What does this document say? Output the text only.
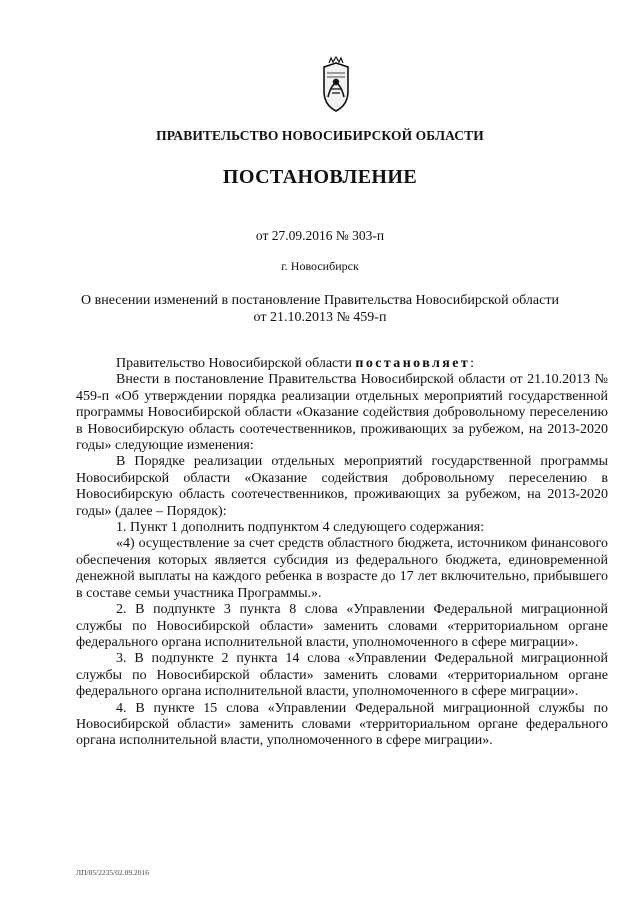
ПРАВИТЕЛЬСТВО НОВОСИБИРСКОЙ ОБЛАСТИ
ПОСТАНОВЛЕНИЕ
от 27.09.2016 № 303-п
г. Новосибирск
О внесении изменений в постановление Правительства Новосибирской области
от 21.10.2013 № 459-п

Правительство Новосибирской области постановляет:

Внести в постановление Правительства Новосибирской области от 21.10.2013 № 459-п «Об утверждении порядка реализации отдельных мероприятий государственной программы Новосибирской области «Оказание содействия добровольному переселению в Новосибирскую область соотечественников, проживающих за рубежом, на 2013-2020 годы» следующие изменения:

В Порядке реализации отдельных мероприятий государственной программы Новосибирской области «Оказание содействия добровольному переселению в Новосибирскую область соотечественников, проживающих за рубежом, на 2013-2020 годы» (далее – Порядок):

1. Пункт 1 дополнить подпунктом 4 следующего содержания:

«4) осуществление за счет средств областного бюджета, источником финансового обеспечения которых является субсидия из федерального бюджета, единовременной денежной выплаты на каждого ребенка в возрасте до 17 лет включительно, прибывшего в составе семьи участника Программы.».

2. В подпункте 3 пункта 8 слова «Управлении Федеральной миграционной службы по Новосибирской области» заменить словами «территориальном органе федерального органа исполнительной власти, уполномоченного в сфере миграции».

3. В подпункте 2 пункта 14 слова «Управлении Федеральной миграционной службы по Новосибирской области» заменить словами «территориальном органе федерального органа исполнительной власти, уполномоченного в сфере миграции».

4. В пункте 15 слова «Управлении Федеральной миграционной службы по Новосибирской области» заменить словами «территориальном органе федерального органа исполнительной власти, уполномоченного в сфере миграции».

ЛП/05/2235/02.09.2016
